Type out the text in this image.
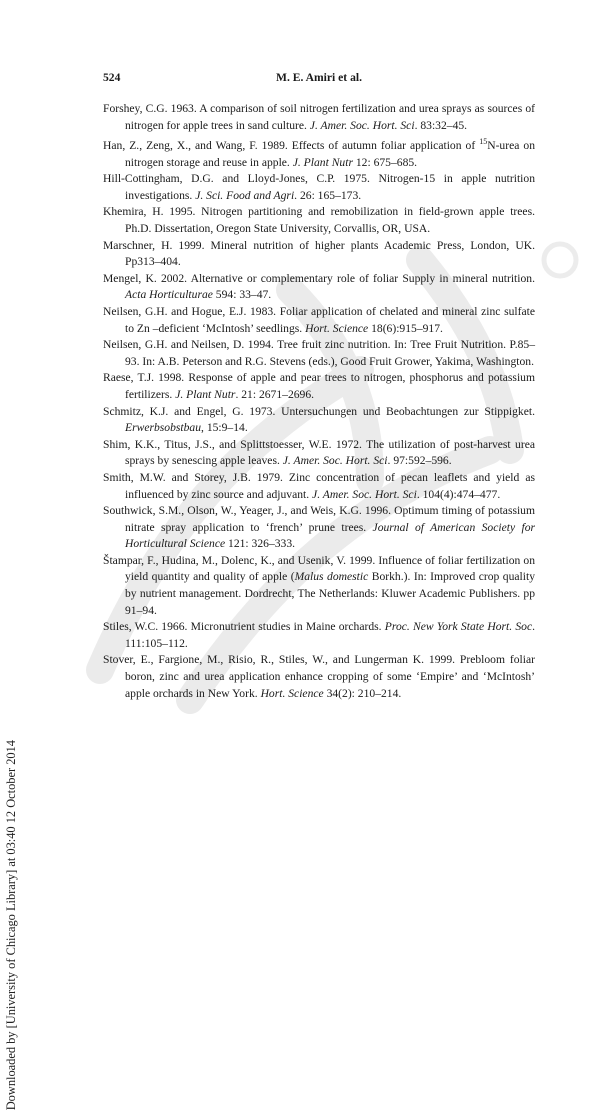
Downloaded by [University of Chicago Library] at 03:40 12 October 2014
524	M. E. Amiri et al.

Forshey, C.G. 1963. A comparison of soil nitrogen fertilization and urea sprays as sources of nitrogen for apple trees in sand culture. J. Amer. Soc. Hort. Sci. 83:32–45.

Han, Z., Zeng, X., and Wang, F. 1989. Effects of autumn foliar application of $^{15}$N-urea on nitrogen storage and reuse in apple. J. Plant Nutr 12: 675–685.

Hill-Cottingham, D.G. and Lloyd-Jones, C.P. 1975. Nitrogen-15 in apple nutrition investigations. J. Sci. Food and Agri. 26: 165–173.

Khemira, H. 1995. Nitrogen partitioning and remobilization in field-grown apple trees. Ph.D. Dissertation, Oregon State University, Corvallis, OR, USA.

Marschner, H. 1999. Mineral nutrition of higher plants Academic Press, London, UK. Pp313–404.

Mengel, K. 2002. Alternative or complementary role of foliar Supply in mineral nutrition. Acta Horticulturae 594: 33–47.

Neilsen, G.H. and Hogue, E.J. 1983. Foliar application of chelated and mineral zinc sulfate to Zn –deficient ‘McIntosh’ seedlings. Hort. Science 18(6):915–917.

Neilsen, G.H. and Neilsen, D. 1994. Tree fruit zinc nutrition. In: Tree Fruit Nutrition. P.85–93. In: A.B. Peterson and R.G. Stevens (eds.), Good Fruit Grower, Yakima, Washington.

Raese, T.J. 1998. Response of apple and pear trees to nitrogen, phosphorus and potassium fertilizers. J. Plant Nutr. 21: 2671–2696.

Schmitz, K.J. and Engel, G. 1973. Untersuchungen und Beobachtungen zur Stippigket. Erwerbsobstbau, 15:9–14.

Shim, K.K., Titus, J.S., and Splittstoesser, W.E. 1972. The utilization of post-harvest urea sprays by senescing apple leaves. J. Amer. Soc. Hort. Sci. 97:592–596.

Smith, M.W. and Storey, J.B. 1979. Zinc concentration of pecan leaflets and yield as influenced by zinc source and adjuvant. J. Amer. Soc. Hort. Sci. 104(4):474–477.

Southwick, S.M., Olson, W., Yeager, J., and Weis, K.G. 1996. Optimum timing of potassium nitrate spray application to ‘french’ prune trees. Journal of American Society for Horticultural Science 121: 326–333.

Štampar, F., Hudina, M., Dolenc, K., and Usenik, V. 1999. Influence of foliar fertilization on yield quantity and quality of apple (Malus domestic Borkh.). In: Improved crop quality by nutrient management. Dordrecht, The Netherlands: Kluwer Academic Publishers. pp 91–94.

Stiles, W.C. 1966. Micronutrient studies in Maine orchards. Proc. New York State Hort. Soc. 111:105–112.

Stover, E., Fargione, M., Risio, R., Stiles, W., and Lungerman K. 1999. Prebloom foliar boron, zinc and urea application enhance cropping of some ‘Empire’ and ‘McIntosh’ apple orchards in New York. Hort. Science 34(2): 210–214.
